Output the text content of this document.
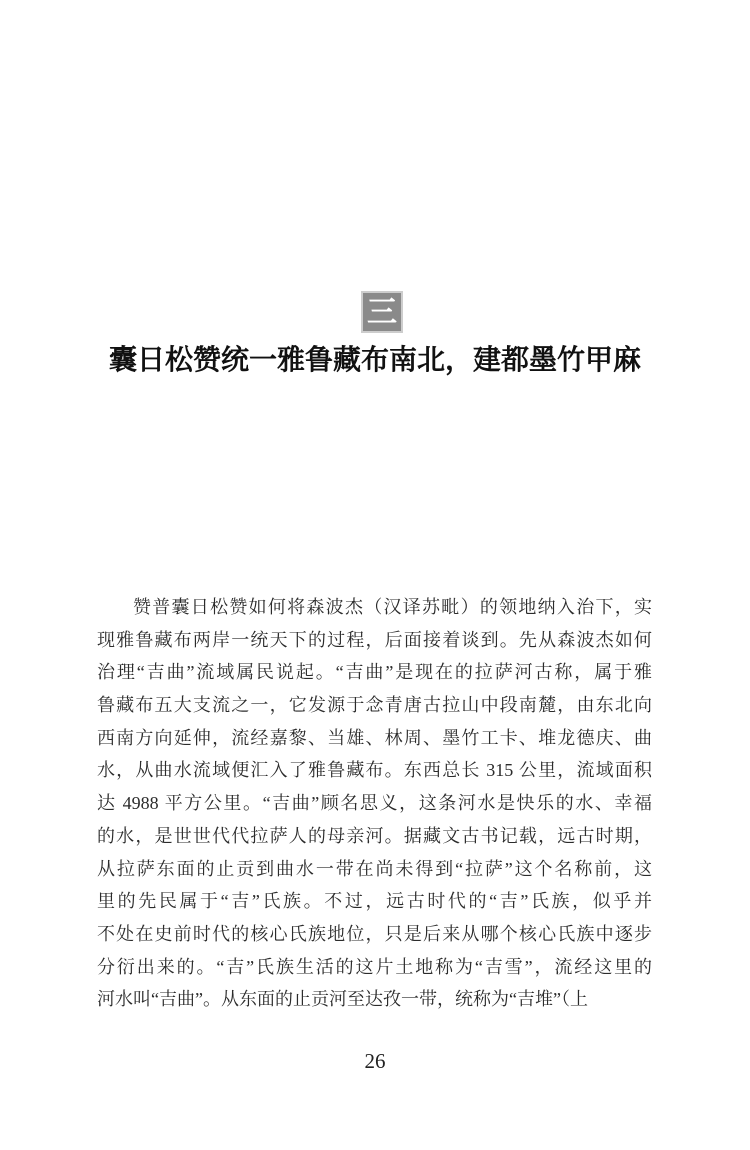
三
囊日松赞统一雅鲁藏布南北，建都墨竹甲麻
赞普囊日松赞如何将森波杰（汉译苏毗）的领地纳入治下，实
现雅鲁藏布两岸一统天下的过程，后面接着谈到。先从森波杰如何
治理“吉曲”流域属民说起。“吉曲”是现在的拉萨河古称，属于雅
鲁藏布五大支流之一，它发源于念青唐古拉山中段南麓，由东北向
西南方向延伸，流经嘉黎、当雄、林周、墨竹工卡、堆龙德庆、曲
水，从曲水流域便汇入了雅鲁藏布。东西总长 315 公里，流域面积
达 4988 平方公里。“吉曲”顾名思义，这条河水是快乐的水、幸福
的水，是世世代代拉萨人的母亲河。据藏文古书记载，远古时期，
从拉萨东面的止贡到曲水一带在尚未得到“拉萨”这个名称前，这
里的先民属于“吉”氏族。不过，远古时代的“吉”氏族，似乎并
不处在史前时代的核心氏族地位，只是后来从哪个核心氏族中逐步
分衍出来的。“吉”氏族生活的这片土地称为“吉雪”，流经这里的
河水叫“吉曲”。从东面的止贡河至达孜一带，统称为“吉堆”（上
26
